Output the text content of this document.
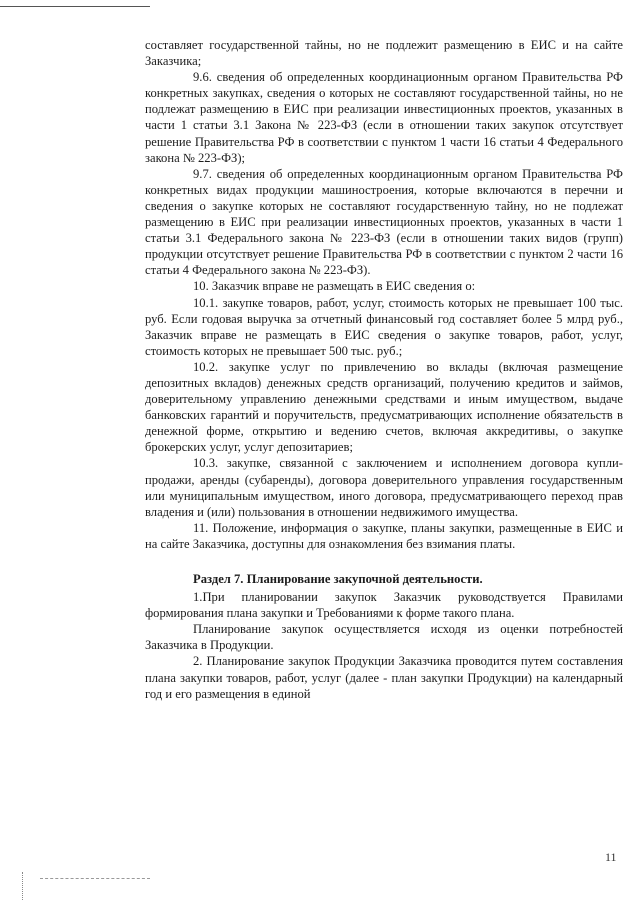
составляет государственной тайны, но не подлежит размещению в ЕИС и на сайте Заказчика;

9.6. сведения об определенных координационным органом Правительства РФ конкретных закупках, сведения о которых не составляют государственной тайны, но не подлежат размещению в ЕИС при реализации инвестиционных проектов, указанных в части 1 статьи 3.1 Закона № 223-ФЗ (если в отношении таких закупок отсутствует решение Правительства РФ в соответствии с пунктом 1 части 16 статьи 4 Федерального закона № 223-ФЗ);

9.7. сведения об определенных координационным органом Правительства РФ конкретных видах продукции машиностроения, которые включаются в перечни и сведения о закупке которых не составляют государственную тайну, но не подлежат размещению в ЕИС при реализации инвестиционных проектов, указанных в части 1 статьи 3.1 Федерального закона № 223-ФЗ (если в отношении таких видов (групп) продукции отсутствует решение Правительства РФ в соответствии с пунктом 2 части 16 статьи 4 Федерального закона № 223-ФЗ).

10. Заказчик вправе не размещать в ЕИС сведения о:

10.1. закупке товаров, работ, услуг, стоимость которых не превышает 100 тыс. руб. Если годовая выручка за отчетный финансовый год составляет более 5 млрд руб., Заказчик вправе не размещать в ЕИС сведения о закупке товаров, работ, услуг, стоимость которых не превышает 500 тыс. руб.;

10.2. закупке услуг по привлечению во вклады (включая размещение депозитных вкладов) денежных средств организаций, получению кредитов и займов, доверительному управлению денежными средствами и иным имуществом, выдаче банковских гарантий и поручительств, предусматривающих исполнение обязательств в денежной форме, открытию и ведению счетов, включая аккредитивы, о закупке брокерских услуг, услуг депозитариев;

10.3. закупке, связанной с заключением и исполнением договора купли-продажи, аренды (субаренды), договора доверительного управления государственным или муниципальным имуществом, иного договора, предусматривающего переход прав владения и (или) пользования в отношении недвижимого имущества.

11. Положение, информация о закупке, планы закупки, размещенные в ЕИС и на сайте Заказчика, доступны для ознакомления без взимания платы.

Раздел 7. Планирование закупочной деятельности.

1.При планировании закупок Заказчик руководствуется Правилами формирования плана закупки и Требованиями к форме такого плана.

Планирование закупок осуществляется исходя из оценки потребностей Заказчика в Продукции.

2. Планирование закупок Продукции Заказчика проводится путем составления плана закупки товаров, работ, услуг (далее - план закупки Продукции) на календарный год и его размещения в единой

11
